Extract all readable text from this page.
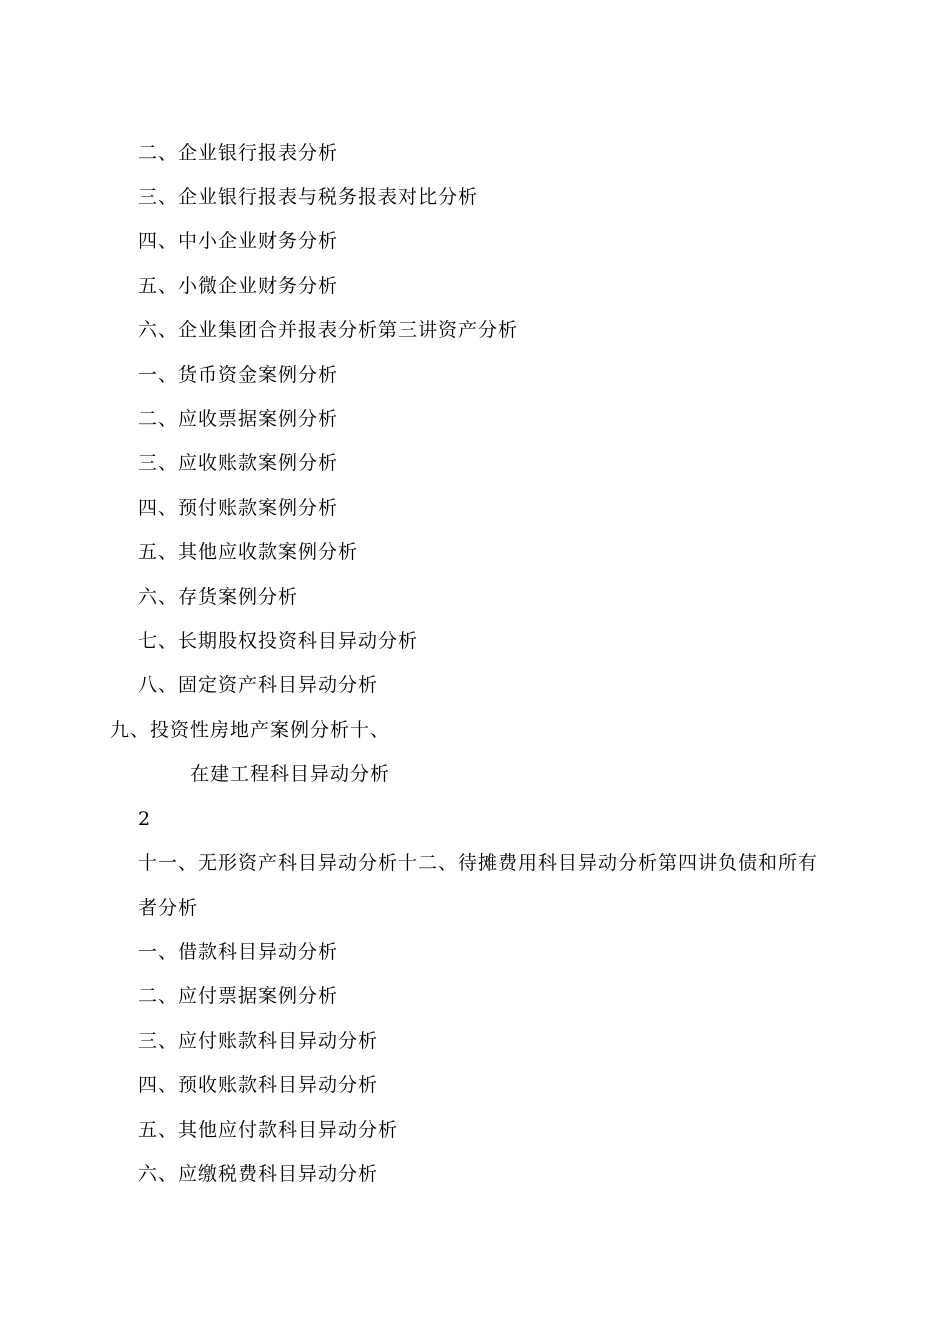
二、企业银行报表分析
三、企业银行报表与税务报表对比分析
四、中小企业财务分析
五、小微企业财务分析
六、企业集团合并报表分析第三讲资产分析
一、货币资金案例分析
二、应收票据案例分析
三、应收账款案例分析
四、预付账款案例分析
五、其他应收款案例分析
六、存货案例分析
七、长期股权投资科目异动分析
八、固定资产科目异动分析
九、投资性房地产案例分析十、
在建工程科目异动分析
2
十一、无形资产科目异动分析十二、待摊费用科目异动分析第四讲负债和所有
者分析
一、借款科目异动分析
二、应付票据案例分析
三、应付账款科目异动分析
四、预收账款科目异动分析
五、其他应付款科目异动分析
六、应缴税费科目异动分析
